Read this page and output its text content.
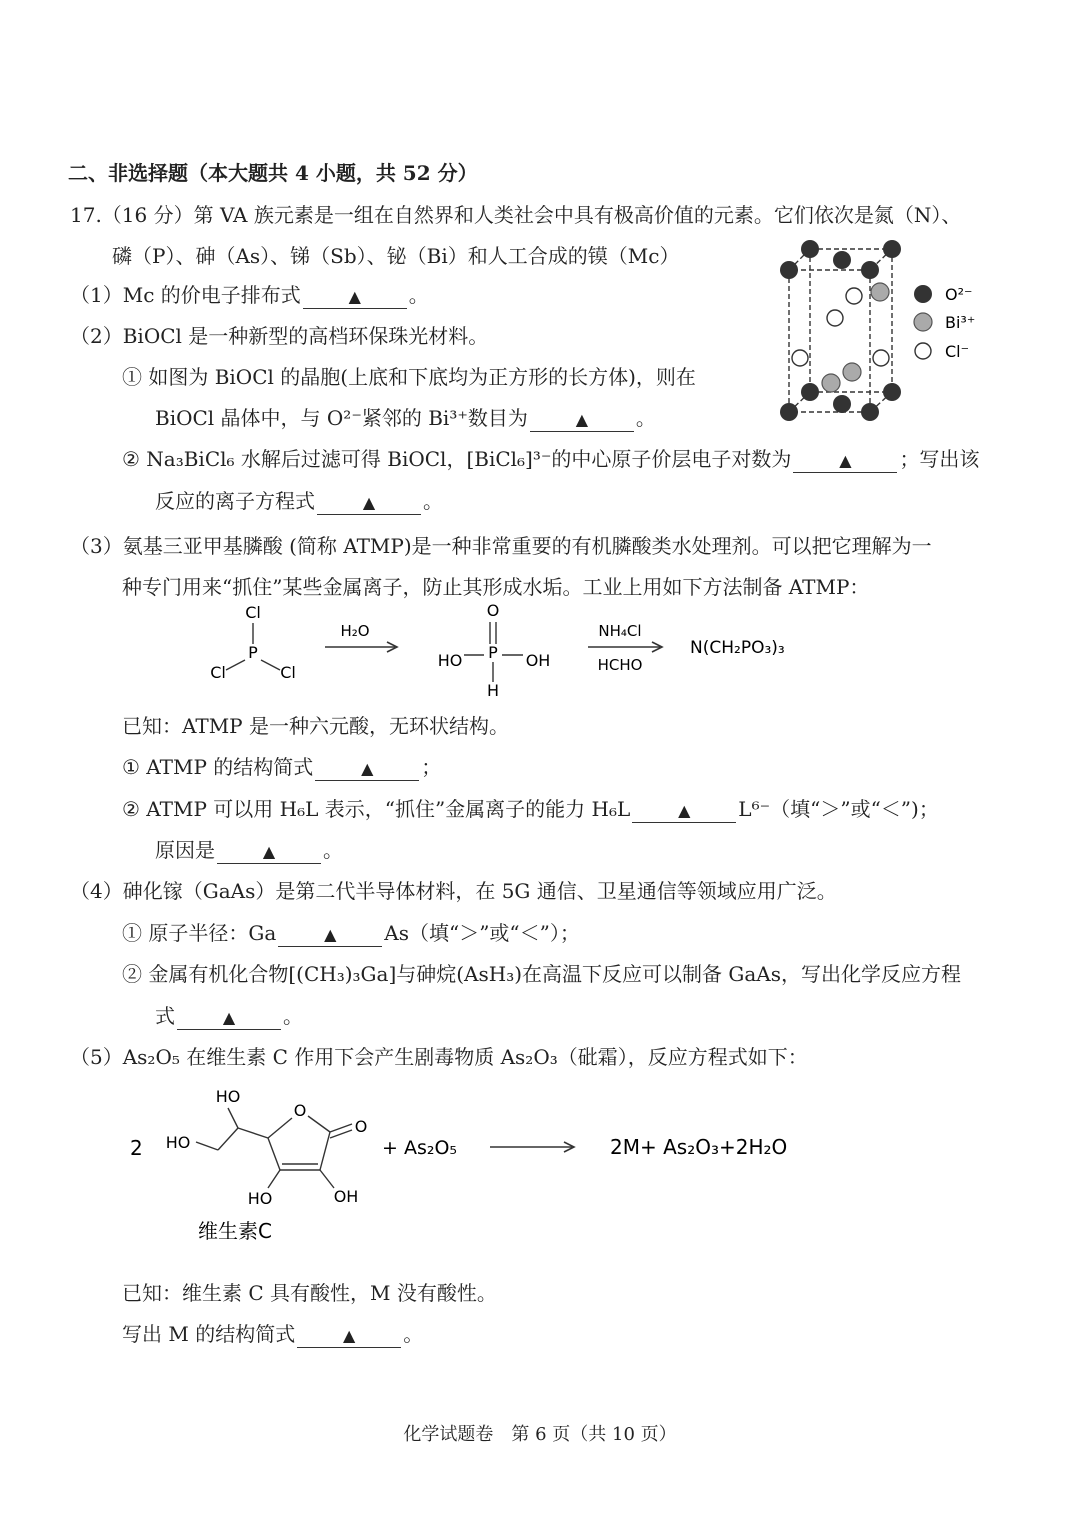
二、非选择题（本大题共 4 小题，共 52 分）
17.（16 分）第 VA 族元素是一组在自然界和人类社会中具有极高价值的元素。它们依次是氮（N）、
磷（P）、砷（As）、锑（Sb）、铋（Bi）和人工合成的镆（Mc）
（1）Mc 的价电子排布式	▲ 。
（2）BiOCl 是一种新型的高档环保珠光材料。
① 如图为 BiOCl 的晶胞(上底和下底均为正方形的长方体)，则在
BiOCl 晶体中，与 O²⁻紧邻的 Bi³⁺数目为	▲ 。
② Na₃BiCl₆ 水解后过滤可得 BiOCl，[BiCl₆]³⁻的中心原子价层电子对数为	▲ ；写出该
反应的离子方程式	▲ 。
O²⁻
Bi³⁺
Cl⁻
（3）氨基三亚甲基膦酸 (简称 ATMP)是一种非常重要的有机膦酸类水处理剂。可以把它理解为一
种专门用来“抓住”某些金属离子，防止其形成水垢。工业上用如下方法制备 ATMP：
Cl
P
Cl	Cl
H₂O
O
P
HO	OH
H
NH₄Cl
HCHO
N(CH₂PO₃)₃
已知：ATMP 是一种六元酸，无环状结构。
① ATMP 的结构简式	▲ ；
② ATMP 可以用 H₆L 表示，“抓住”金属离子的能力 H₆L	▲ L⁶⁻（填“＞”或“＜”)；
原因是	▲ 。
（4）砷化镓（GaAs）是第二代半导体材料，在 5G 通信、卫星通信等领域应用广泛。
① 原子半径：Ga	▲ As（填“＞”或“＜”）；
② 金属有机化合物[(CH₃)₃Ga]与砷烷(AsH₃)在高温下反应可以制备 GaAs，写出化学反应方程
式	▲ 。
（5）As₂O₅ 在维生素 C 作用下会产生剧毒物质 As₂O₃（砒霜），反应方程式如下：
2
HO
HO
O
O
HO	OH
+ As₂O₅	2M+ As₂O₃+2H₂O
维生素C
已知：维生素 C 具有酸性，M 没有酸性。
写出 M 的结构简式	▲ 。
化学试题卷　第 6 页（共 10 页）
